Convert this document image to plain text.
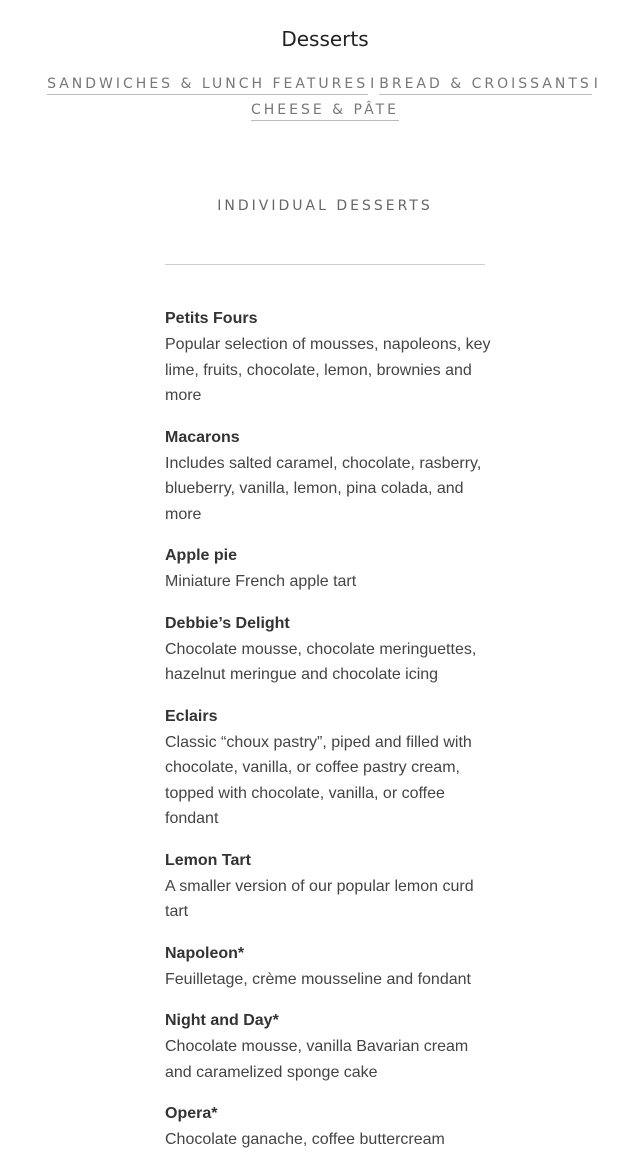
Desserts
SANDWICHES & LUNCH FEATURES I BREAD & CROISSANTS I
CHEESE & PÂTE
INDIVIDUAL DESSERTS
Petits Fours
Popular selection of mousses, napoleons, key lime, fruits, chocolate, lemon, brownies and more
Macarons
Includes salted caramel, chocolate, rasberry, blueberry, vanilla, lemon, pina colada, and more
Apple pie
Miniature French apple tart
Debbie’s Delight
Chocolate mousse, chocolate meringuettes, hazelnut meringue and chocolate icing
Eclairs
Classic “choux pastry”, piped and filled with chocolate, vanilla, or coffee pastry cream, topped with chocolate, vanilla, or coffee fondant
Lemon Tart
A smaller version of our popular lemon curd tart
Napoleon*
Feuilletage, crème mousseline and fondant
Night and Day*
Chocolate mousse, vanilla Bavarian cream and caramelized sponge cake
Opera*
Chocolate ganache, coffee buttercream
